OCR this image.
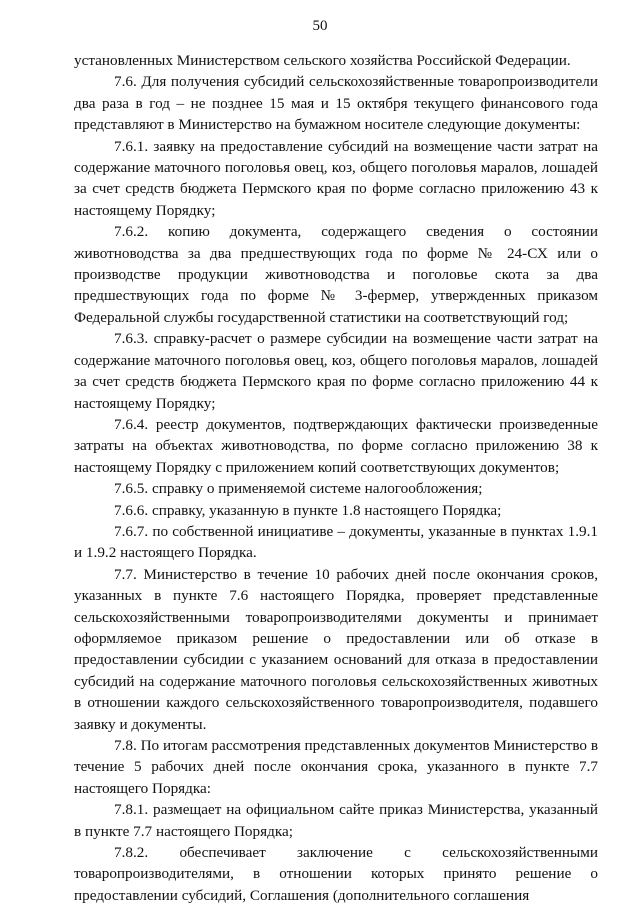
50

установленных Министерством сельского хозяйства Российской Федерации.

7.6. Для получения субсидий сельскохозяйственные товаропроизводители два раза в год – не позднее 15 мая и 15 октября текущего финансового года представляют в Министерство на бумажном носителе следующие документы:

7.6.1. заявку на предоставление субсидий на возмещение части затрат на содержание маточного поголовья овец, коз, общего поголовья маралов, лошадей за счет средств бюджета Пермского края по форме согласно приложению 43 к настоящему Порядку;

7.6.2. копию документа, содержащего сведения о состоянии животноводства за два предшествующих года по форме № 24-СХ или о производстве продукции животноводства и поголовье скота за два предшествующих года по форме № 3-фермер, утвержденных приказом Федеральной службы государственной статистики на соответствующий год;

7.6.3. справку-расчет о размере субсидии на возмещение части затрат на содержание маточного поголовья овец, коз, общего поголовья маралов, лошадей за счет средств бюджета Пермского края по форме согласно приложению 44 к настоящему Порядку;

7.6.4. реестр документов, подтверждающих фактически произведенные затраты на объектах животноводства, по форме согласно приложению 38 к настоящему Порядку с приложением копий соответствующих документов;

7.6.5. справку о применяемой системе налогообложения;

7.6.6. справку, указанную в пункте 1.8 настоящего Порядка;

7.6.7. по собственной инициативе – документы, указанные в пунктах 1.9.1 и 1.9.2 настоящего Порядка.

7.7. Министерство в течение 10 рабочих дней после окончания сроков, указанных в пункте 7.6 настоящего Порядка, проверяет представленные сельскохозяйственными товаропроизводителями документы и принимает оформляемое приказом решение о предоставлении или об отказе в предоставлении субсидии с указанием оснований для отказа в предоставлении субсидий на содержание маточного поголовья сельскохозяйственных животных в отношении каждого сельскохозяйственного товаропроизводителя, подавшего заявку и документы.

7.8. По итогам рассмотрения представленных документов Министерство в течение 5 рабочих дней после окончания срока, указанного в пункте 7.7 настоящего Порядка:

7.8.1. размещает на официальном сайте приказ Министерства, указанный в пункте 7.7 настоящего Порядка;

7.8.2. обеспечивает заключение с сельскохозяйственными товаропроизводителями, в отношении которых принято решение о предоставлении субсидий, Соглашения (дополнительного соглашения
